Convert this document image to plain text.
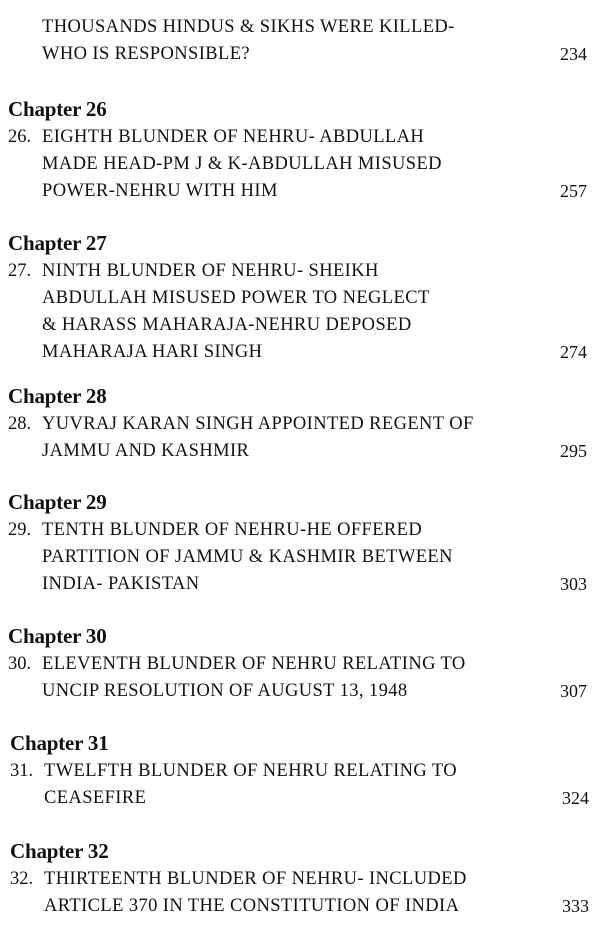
THOUSANDS HINDUS & SIKHS WERE KILLED-
WHO IS RESPONSIBLE?	234
Chapter 26
26. EIGHTH BLUNDER OF NEHRU- ABDULLAH
MADE HEAD-PM J & K-ABDULLAH MISUSED
POWER-NEHRU WITH HIM	257
Chapter 27
27. NINTH BLUNDER OF NEHRU- SHEIKH
ABDULLAH MISUSED POWER TO NEGLECT
& HARASS MAHARAJA-NEHRU DEPOSED
MAHARAJA HARI SINGH	274
Chapter 28
28. YUVRAJ KARAN SINGH APPOINTED REGENT OF
JAMMU AND KASHMIR	295
Chapter 29
29. TENTH BLUNDER OF NEHRU-HE OFFERED
PARTITION OF JAMMU & KASHMIR BETWEEN
INDIA- PAKISTAN	303
Chapter 30
30. ELEVENTH BLUNDER OF NEHRU RELATING TO
UNCIP RESOLUTION OF AUGUST 13, 1948	307
Chapter 31
31. TWELFTH BLUNDER OF NEHRU RELATING TO
CEASEFIRE	324
Chapter 32
32. THIRTEENTH BLUNDER OF NEHRU- INCLUDED
ARTICLE 370 IN THE CONSTITUTION OF INDIA	333
